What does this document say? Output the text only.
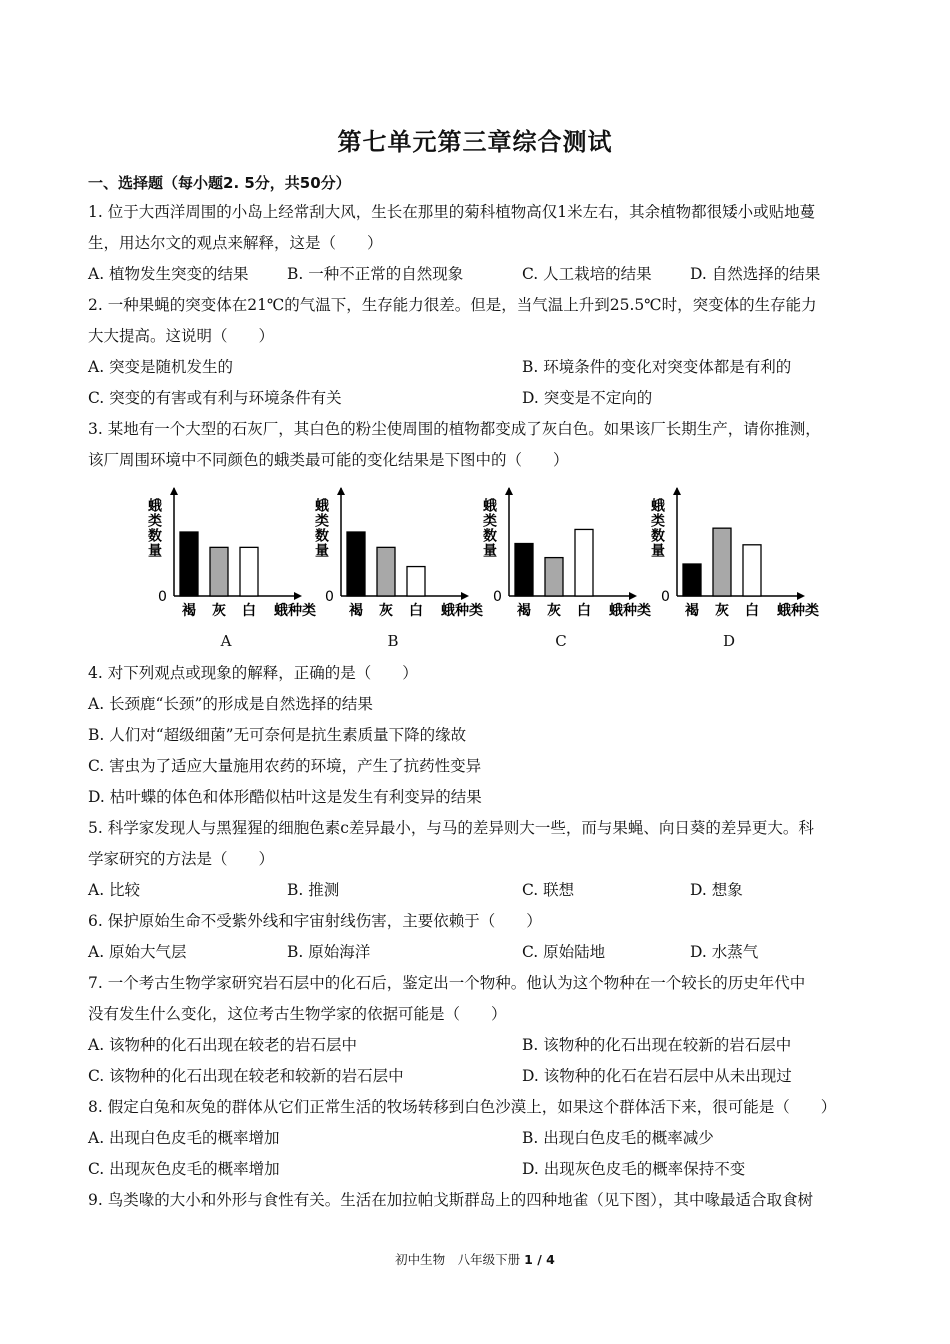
第七单元第三章综合测试
一、选择题（每小题2. 5分，共50分）
1. 位于大西洋周围的小岛上经常刮大风，生长在那里的菊科植物高仅1米左右，其余植物都很矮小或贴地蔓
生，用达尔文的观点来解释，这是（　　）
A. 植物发生突变的结果 B. 一种不正常的自然现象	C. 人工栽培的结果 D. 自然选择的结果
2. 一种果蝇的突变体在21℃的气温下，生存能力很差。但是，当气温上升到25.5℃时，突变体的生存能力
大大提高。这说明（　　）
A. 突变是随机发生的	B. 环境条件的变化对突变体都是有利的
C. 突变的有害或有利与环境条件有关	D. 突变是不定向的
3. 某地有一个大型的石灰厂，其白色的粉尘使周围的植物都变成了灰白色。如果该厂长期生产，请你推测，
该厂周围环境中不同颜色的蛾类最可能的变化结果是下图中的（　　）
0
蛾类数量
褐 灰 白 蛾种类
A
0
蛾类数量
褐 灰 白 蛾种类
B
0
蛾类数量
褐 灰 白 蛾种类
C
0
蛾类数量
褐 灰 白 蛾种类
D
4. 对下列观点或现象的解释，正确的是（　　）
A. 长颈鹿“长颈”的形成是自然选择的结果
B. 人们对“超级细菌”无可奈何是抗生素质量下降的缘故
C. 害虫为了适应大量施用农药的环境，产生了抗药性变异
D. 枯叶蝶的体色和体形酷似枯叶这是发生有利变异的结果
5. 科学家发现人与黑猩猩的细胞色素c差异最小，与马的差异则大一些，而与果蝇、向日葵的差异更大。科
学家研究的方法是（　　）
A. 比较	B. 推测	C. 联想	D. 想象
6. 保护原始生命不受紫外线和宇宙射线伤害，主要依赖于（　　）
A. 原始大气层	B. 原始海洋	C. 原始陆地	D. 水蒸气
7. 一个考古生物学家研究岩石层中的化石后，鉴定出一个物种。他认为这个物种在一个较长的历史年代中
没有发生什么变化，这位考古生物学家的依据可能是（　　）
A. 该物种的化石出现在较老的岩石层中	B. 该物种的化石出现在较新的岩石层中
C. 该物种的化石出现在较老和较新的岩石层中	D. 该物种的化石在岩石层中从未出现过
8. 假定白兔和灰兔的群体从它们正常生活的牧场转移到白色沙漠上，如果这个群体活下来，很可能是（　　）
A. 出现白色皮毛的概率增加	B. 出现白色皮毛的概率减少
C. 出现灰色皮毛的概率增加	D. 出现灰色皮毛的概率保持不变
9. 鸟类喙的大小和外形与食性有关。生活在加拉帕戈斯群岛上的四种地雀（见下图），其中喙最适合取食树
初中生物　八年级下册 1 / 4
